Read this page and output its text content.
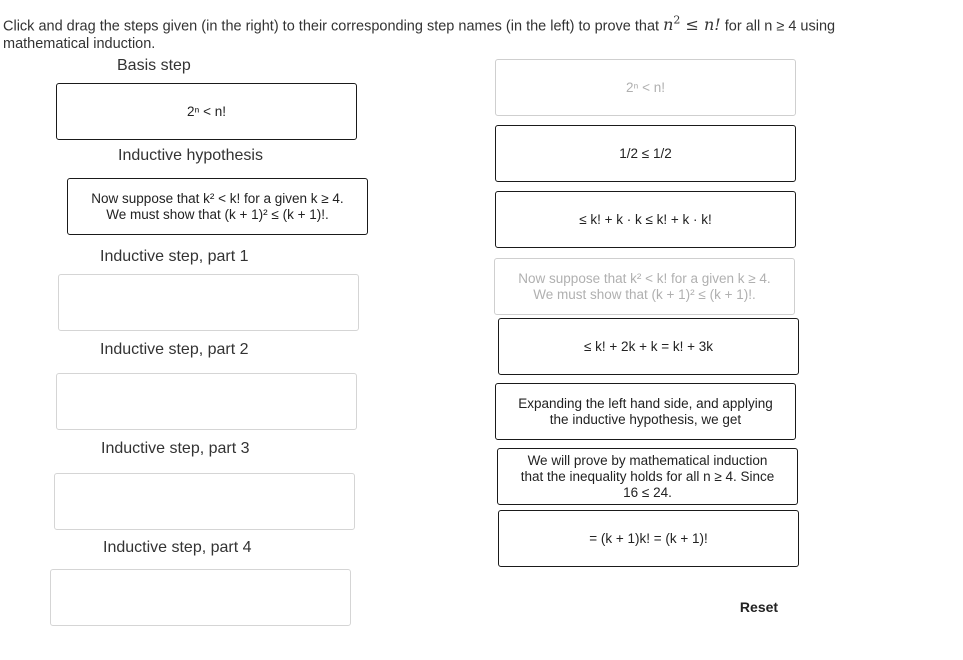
Click and drag the steps given (in the right) to their corresponding step names (in the left) to prove that $n^2 \le n$! for all n ≥ 4 using
mathematical induction.
Basis step
Inductive hypothesis
Inductive step, part 1
Inductive step, part 2
Inductive step, part 3
Inductive step, part 4
2ⁿ < n!
Now suppose that k² < k! for a given k ≥ 4.
We must show that (k + 1)² ≤ (k + 1)!.
2ⁿ < n!
1/2 ≤ 1/2
≤ k! + k · k ≤ k! + k · k!
Now suppose that k² < k! for a given k ≥ 4.
We must show that (k + 1)² ≤ (k + 1)!.
≤ k! + 2k + k = k! + 3k
Expanding the left hand side, and applying
the inductive hypothesis, we get
We will prove by mathematical induction
that the inequality holds for all n ≥ 4. Since
16 ≤ 24.
= (k + 1)k! = (k + 1)!
Reset
